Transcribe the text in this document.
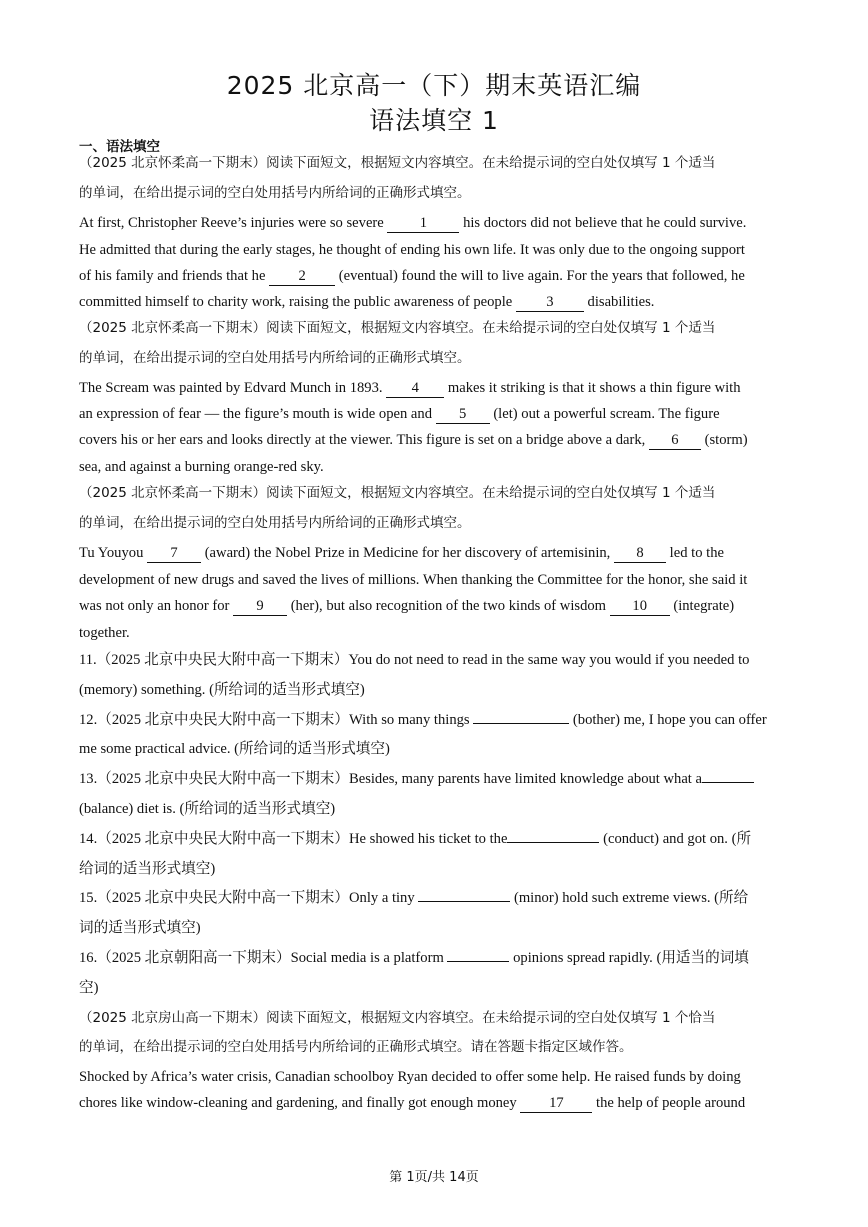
2025 北京高一（下）期末英语汇编
语法填空 1
一、语法填空
（2025 北京怀柔高一下期末）阅读下面短文，根据短文内容填空。在未给提示词的空白处仅填写 1 个适当
的单词，在给出提示词的空白处用括号内所给词的正确形式填空。
At first, Christopher Reeve’s injuries were so severe 1 his doctors did not believe that he could survive.
He admitted that during the early stages, he thought of ending his own life. It was only due to the ongoing support
of his family and friends that he 2 (eventual) found the will to live again. For the years that followed, he
committed himself to charity work, raising the public awareness of people 3 disabilities.
（2025 北京怀柔高一下期末）阅读下面短文，根据短文内容填空。在未给提示词的空白处仅填写 1 个适当
的单词，在给出提示词的空白处用括号内所给词的正确形式填空。
The Scream was painted by Edvard Munch in 1893. 4 makes it striking is that it shows a thin figure with
an expression of fear — the figure’s mouth is wide open and 5 (let) out a powerful scream. The figure
covers his or her ears and looks directly at the viewer. This figure is set on a bridge above a dark, 6 (storm)
sea, and against a burning orange-red sky.
（2025 北京怀柔高一下期末）阅读下面短文，根据短文内容填空。在未给提示词的空白处仅填写 1 个适当
的单词，在给出提示词的空白处用括号内所给词的正确形式填空。
Tu Youyou 7 (award) the Nobel Prize in Medicine for her discovery of artemisinin, 8 led to the
development of new drugs and saved the lives of millions. When thanking the Committee for the honor, she said it
was not only an honor for 9 (her), but also recognition of the two kinds of wisdom 10 (integrate)
together.
11.（2025 北京中央民大附中高一下期末）You do not need to read in the same way you would if you needed to
(memory) something. (所给词的适当形式填空)
12.（2025 北京中央民大附中高一下期末）With so many things	(bother) me, I hope you can offer
me some practical advice. (所给词的适当形式填空)
13.（2025 北京中央民大附中高一下期末）Besides, many parents have limited knowledge about what a
(balance) diet is. (所给词的适当形式填空)
14.（2025 北京中央民大附中高一下期末）He showed his ticket to the	(conduct) and got on. (所
给词的适当形式填空)
15.（2025 北京中央民大附中高一下期末）Only a tiny	(minor) hold such extreme views. (所给
词的适当形式填空)
16.（2025 北京朝阳高一下期末）Social media is a platform	opinions spread rapidly. (用适当的词填
空)
（2025 北京房山高一下期末）阅读下面短文，根据短文内容填空。在未给提示词的空白处仅填写 1 个恰当
的单词，在给出提示词的空白处用括号内所给词的正确形式填空。请在答题卡指定区域作答。
Shocked by Africa’s water crisis, Canadian schoolboy Ryan decided to offer some help. He raised funds by doing
chores like window-cleaning and gardening, and finally got enough money 17 the help of people around
第 1页/共 14页
